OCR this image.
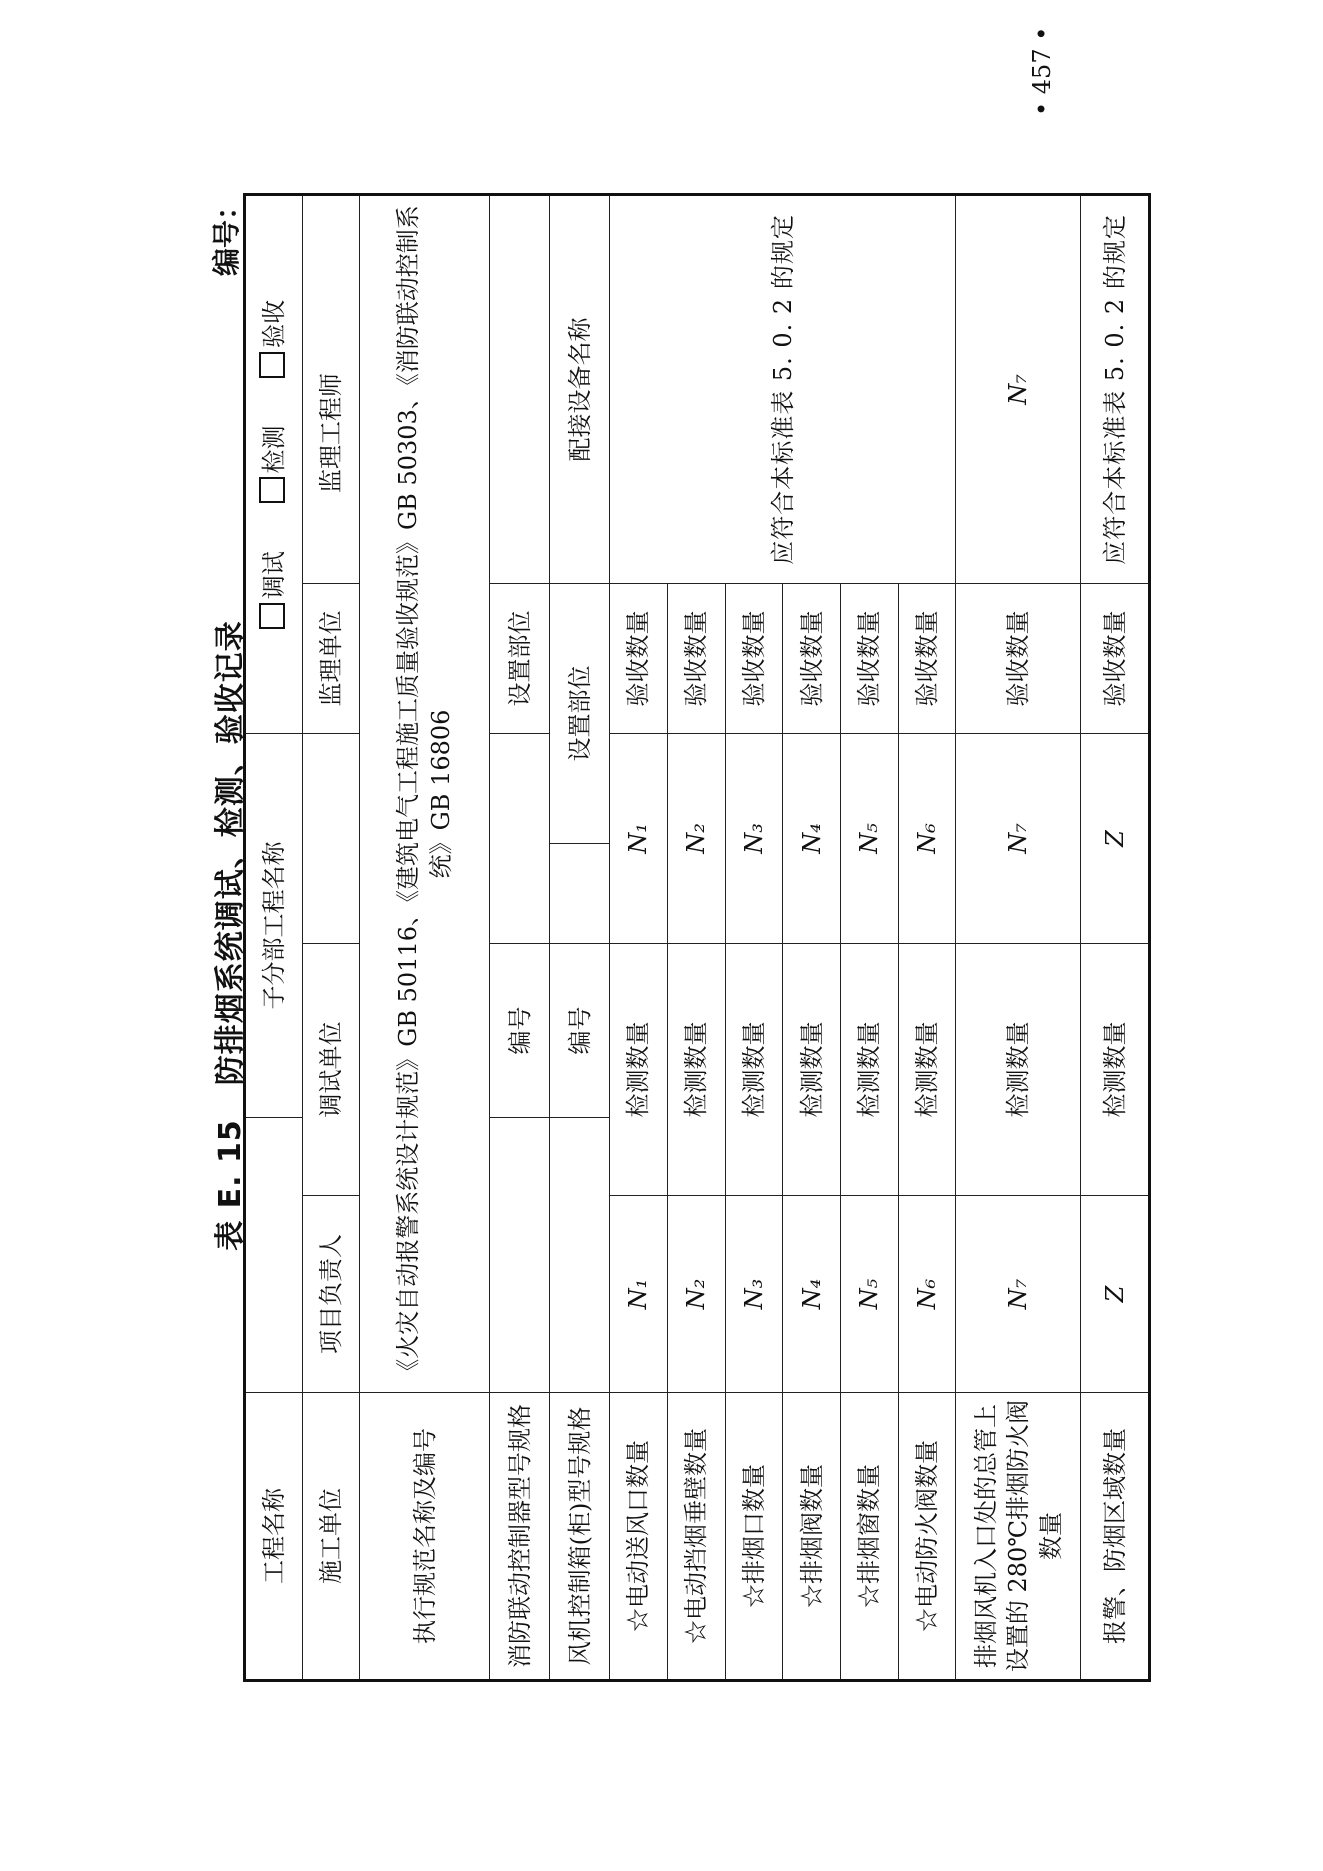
表 E. 15防排烟系统调试、检测、验收记录
编号：
• 457 •
工程名称			子分部工程名称			调试 检测 验收	
施工单位	项目负责人	调试单位				监理单位	监理工程师
执行规范名称及编号	《火灾自动报警系统设计规范》GB 50116、《建筑电气工程施工质量验收规范》GB 50303、《消防联动控制系统》GB 16806						
消防联动控制器型号规格			编号			设置部位	
风机控制箱(柜)型号规格			编号		设置部位		配接设备名称
☆电动送风口数量	N₁	检测数量		N₁		验收数量	应符合本标准表 5. 0. 2 的规定
☆电动挡烟垂壁数量	N₂	检测数量		N₂		验收数量	
☆排烟口数量	N₃	检测数量		N₃		验收数量	
☆排烟阀数量	N₄	检测数量		N₄		验收数量	
☆排烟窗数量	N₅	检测数量		N₅		验收数量	
☆电动防火阀数量	N₆	检测数量		N₆		验收数量	
排烟风机入口处的总管上设置的 280℃排烟防火阀数量	N₇	检测数量		N₇		验收数量	N₇
报警、防烟区域数量	Z	检测数量		Z		验收数量	应符合本标准表 5. 0. 2 的规定
